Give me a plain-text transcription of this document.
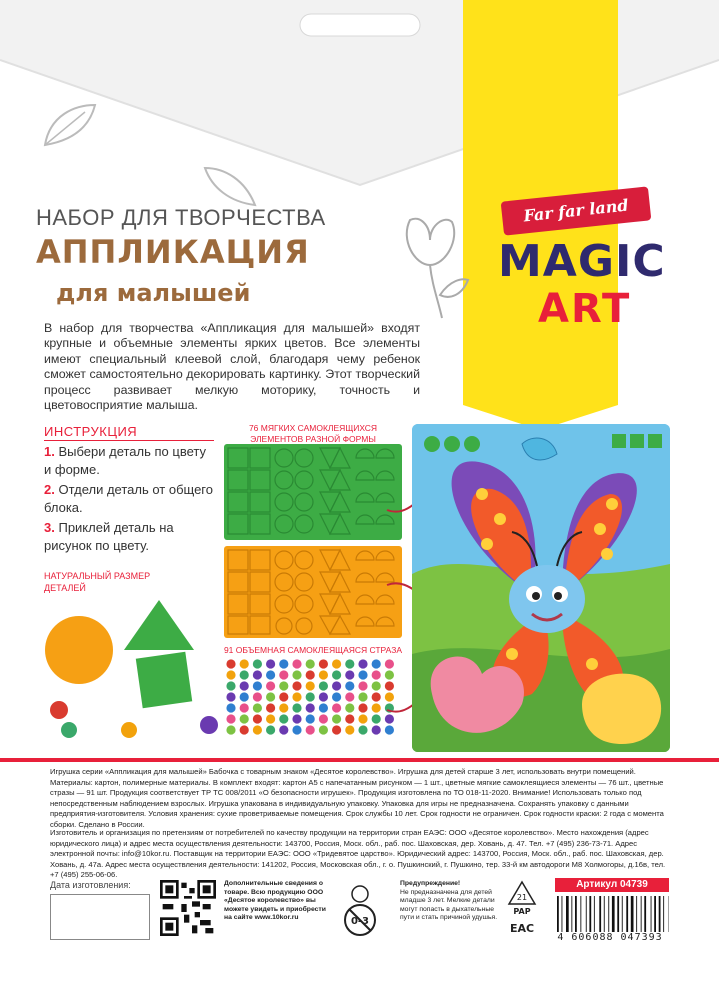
Far far land
MAGIC
ART
НАБОР ДЛЯ ТВОРЧЕСТВА
АППЛИКАЦИЯ
для малышей
В набор для творчества «Аппликация для малышей» входят крупные и объемные элементы ярких цветов. Все элементы имеют специальный клеевой слой, благодаря чему ребенок сможет самостоятельно декорировать картинку. Этот творческий процесс развивает мелкую моторику, точность и цветовосприятие малыша.
ИНСТРУКЦИЯ
1. Выбери деталь по цвету и форме.
2. Отдели деталь от общего блока.
3. Приклей деталь на рисунок по цвету.
НАТУРАЛЬНЫЙ РАЗМЕР ДЕТАЛЕЙ
76 МЯГКИХ САМОКЛЕЯЩИХСЯ ЭЛЕМЕНТОВ РАЗНОЙ ФОРМЫ
91 ОБЪЕМНАЯ САМОКЛЕЯЩАЯСЯ СТРАЗА
Игрушка серии «Аппликация для малышей» Бабочка с товарным знаком «Десятое королевство». Игрушка для детей старше 3 лет, использовать внутри помещений. Материалы: картон, полимерные материалы. В комплект входят: картон А5 с напечатанным рисунком — 1 шт., цветные мягкие самоклеящиеся элементы — 76 шт., цветные стразы — 91 шт. Продукция соответствует ТР ТС 008/2011 «О безопасности игрушек». Продукция изготовлена по ТО 018-11-2020. Внимание! Использовать только под непосредственным наблюдением взрослых. Игрушка упакована в индивидуальную упаковку. Упаковка для игры не предназначена. Сохранять упаковку с данными предприятия-изготовителя. Условия хранения: сухие проветриваемые помещения. Срок службы 10 лет. Срок годности не ограничен. Срок годности краски: 2 года с момента сборки. Сделано в России.
Изготовитель и организация по претензиям от потребителей по качеству продукции на территории стран ЕАЭС: ООО «Десятое королевство». Место нахождения (адрес юридического лица) и адрес места осуществления деятельности: 143700, Россия, Моск. обл., раб. пос. Шаховская, дер. Ховань, д. 47. Тел. +7 (495) 236-73-71. Адрес электронной почты: info@10kor.ru. Поставщик на территории ЕАЭС: ООО «Тридевятое царство». Юридический адрес: 143700, Россия, Моск. обл., раб. пос. Шаховская, дер. Ховань, д. 47а. Адрес места осуществления деятельности: 141202, Россия, Московская обл., г. о. Пушкинский, г. Пушкино, тер. 33-й км автодороги М8 Холмогоры, д.16в, тел. +7 (495) 255-06-06.
Дата изготовления:	Дополнительные сведения о товаре. Всю продукцию ООО «Десятое королевство» вы можете увидеть и приобрести на сайте www.10kor.ru	0-3
Предупреждение!
Не предназначена для детей младше 3 лет. Мелкие детали могут попасть в дыхательные пути и стать причиной удушья.
21
PAP
EAC
Артикул 04739
4 606088 047393
